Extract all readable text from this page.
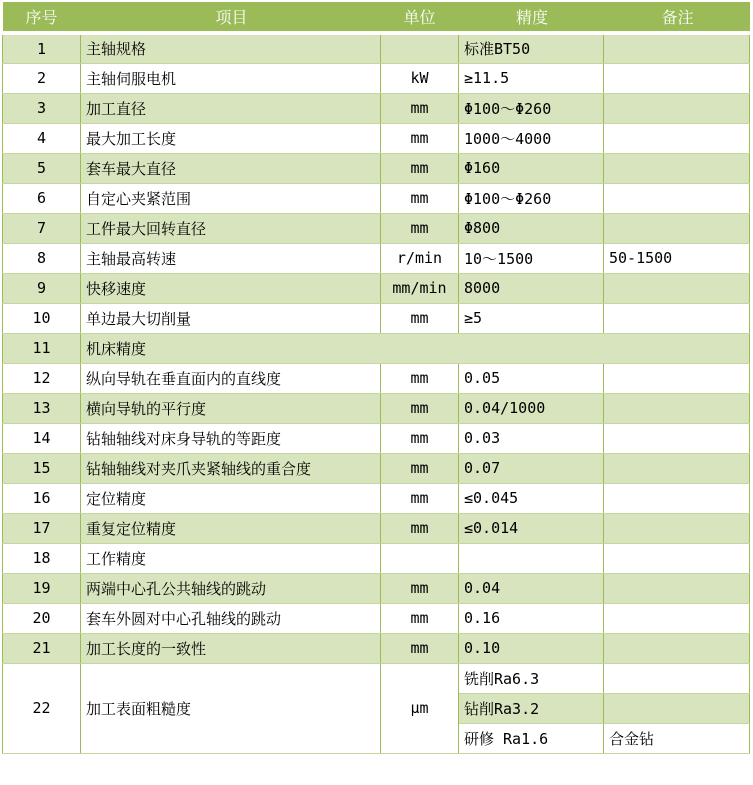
序号	项目	单位	精度	备注
1	主轴规格		标准BT50	
2	主轴伺服电机	kW	≥11.5	
3	加工直径	mm	Φ100～Φ260	
4	最大加工长度	mm	1000～4000	
5	套车最大直径	mm	Φ160	
6	自定心夹紧范围	mm	Φ100～Φ260	
7	工件最大回转直径	mm	Φ800	
8	主轴最高转速	r/min	10～1500	50-1500
9	快移速度	mm/min	8000	
10	单边最大切削量	mm	≥5	
11	机床精度			
12	纵向导轨在垂直面内的直线度	mm	0.05	
13	横向导轨的平行度	mm	0.04/1000	
14	钻轴轴线对床身导轨的等距度	mm	0.03	
15	钻轴轴线对夹爪夹紧轴线的重合度	mm	0.07	
16	定位精度	mm	≤0.045	
17	重复定位精度	mm	≤0.014	
18	工作精度			
19	两端中心孔公共轴线的跳动	mm	0.04	
20	套车外圆对中心孔轴线的跳动	mm	0.16	
21	加工长度的一致性	mm	0.10	
22	加工表面粗糙度	μm	铣削Ra6.3	
			钻削Ra3.2	
			研修 Ra1.6	合金钻
